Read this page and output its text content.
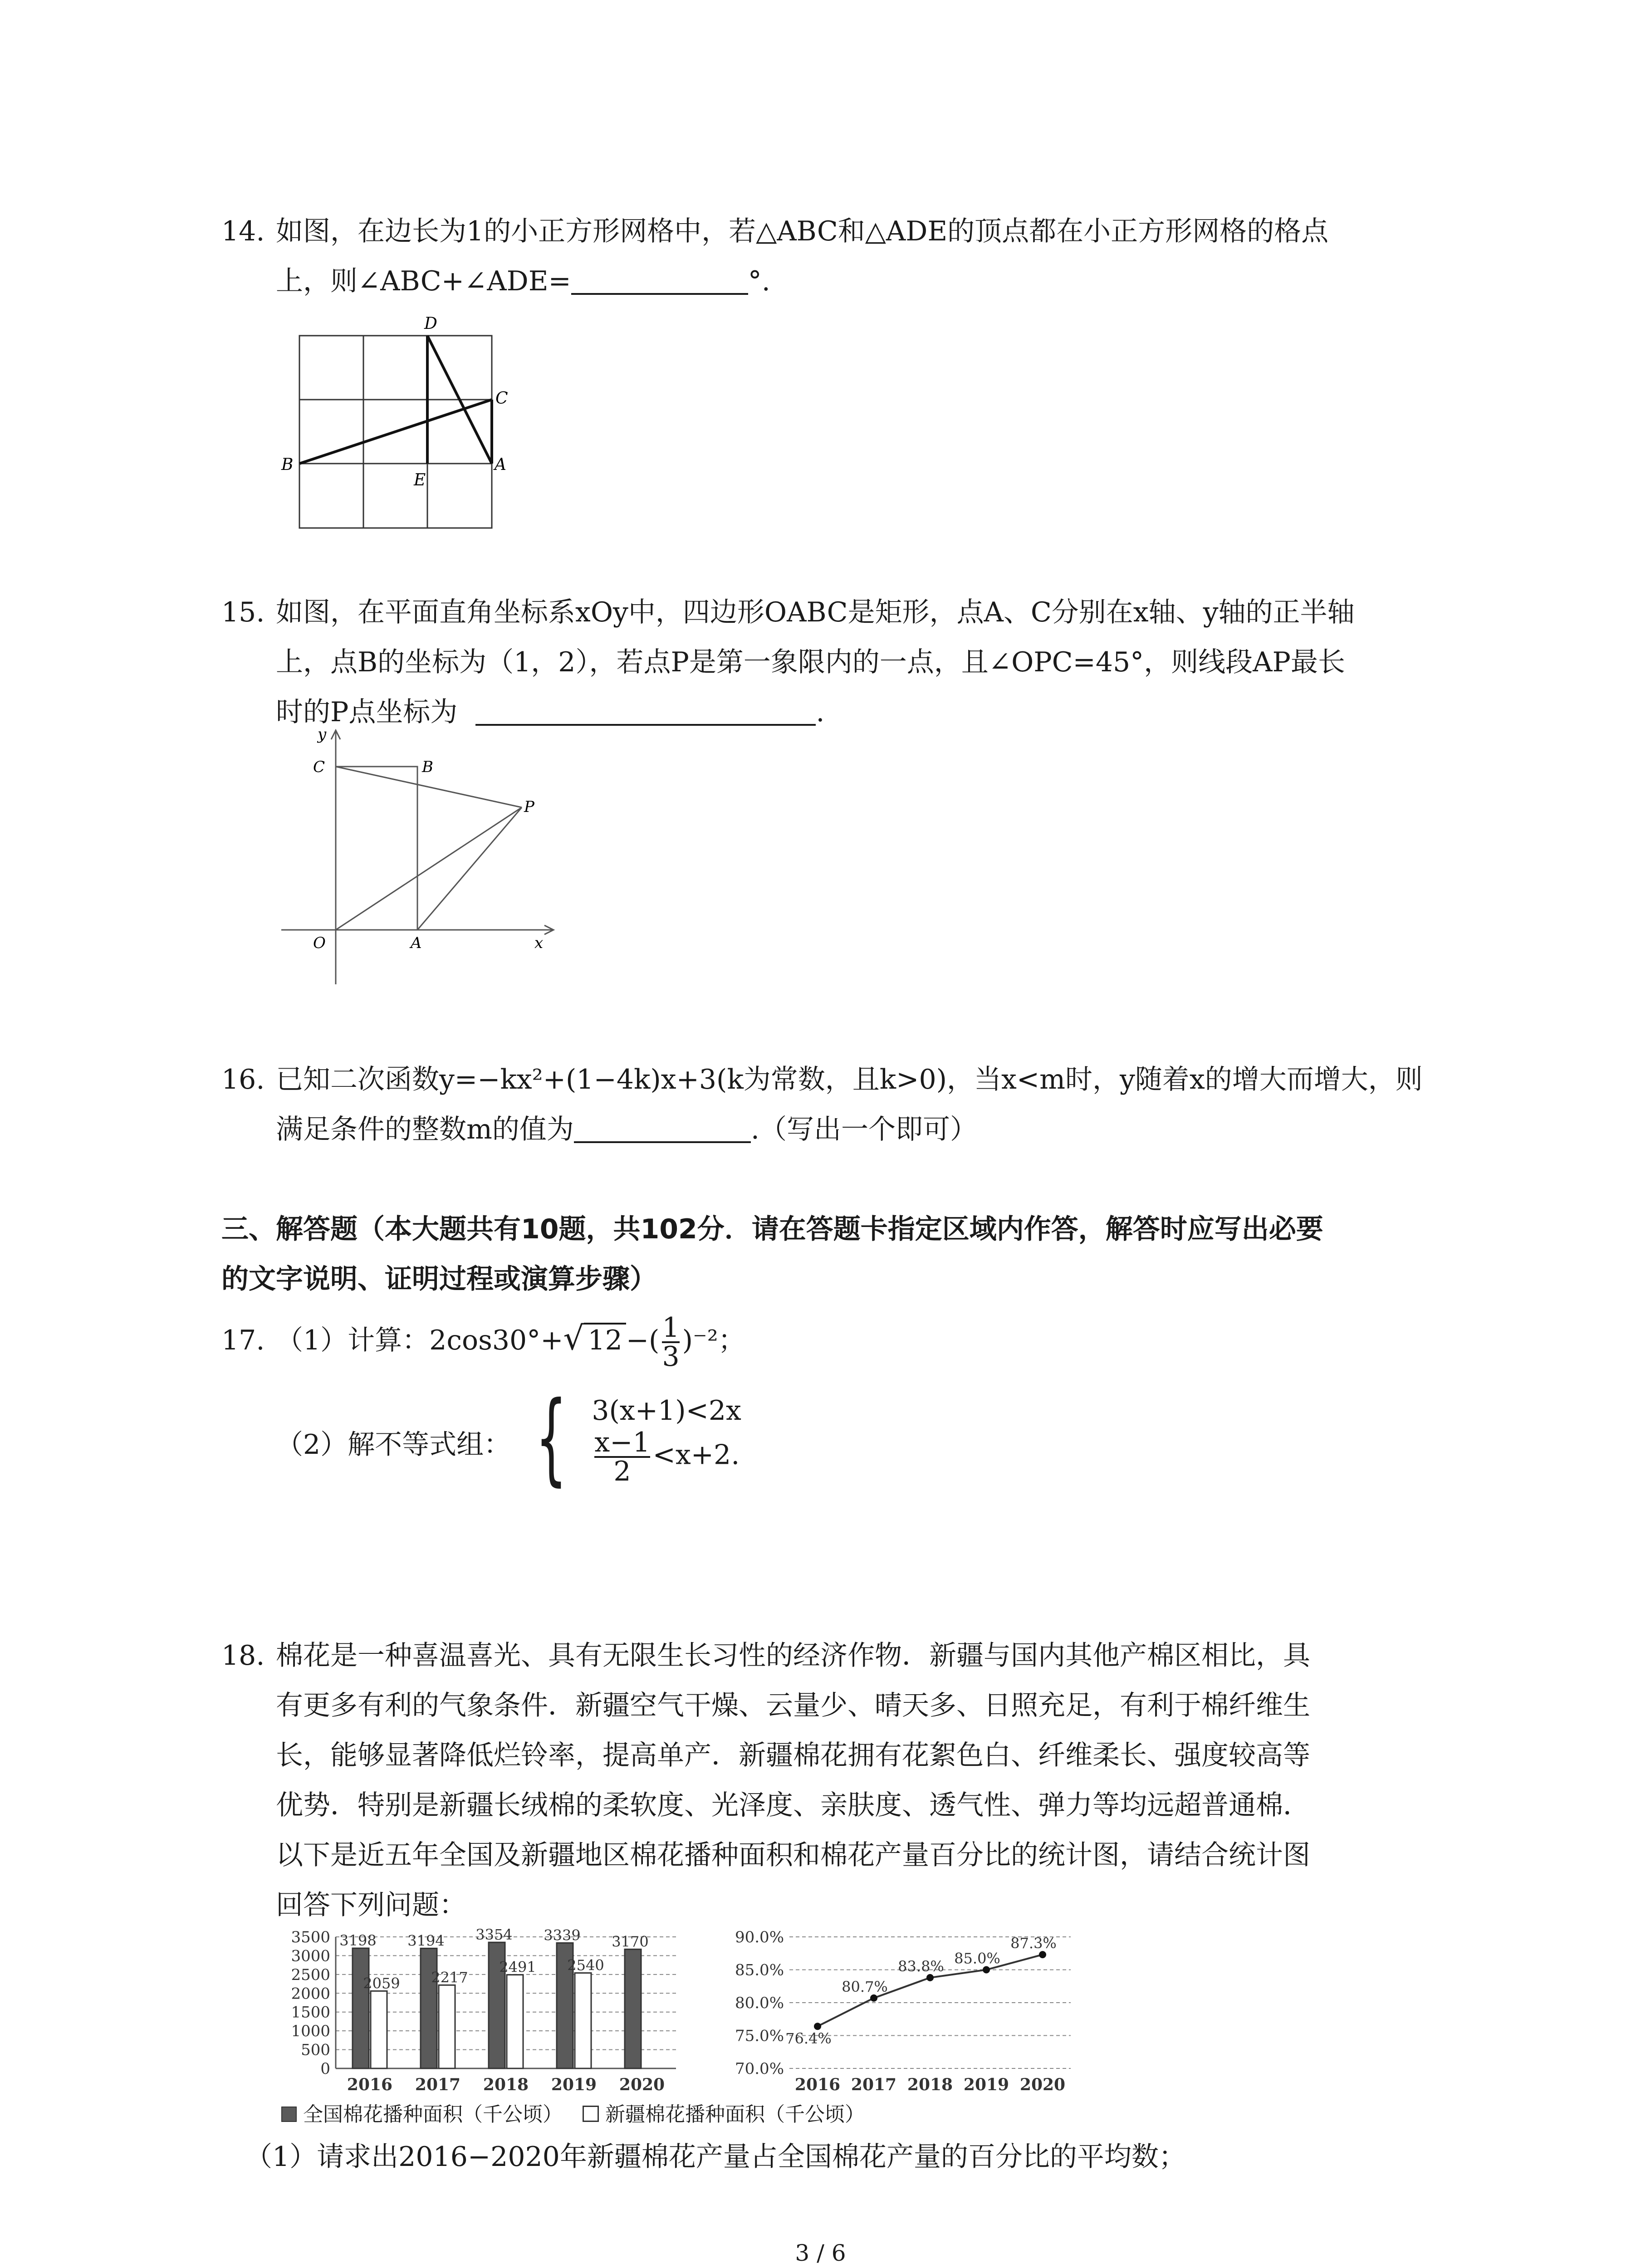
14. 如图，在边长为1的小正方形网格中，若△ABC和△ADE的顶点都在小正方形网格的格点
上，则∠ABC+∠ADE=	°.
D
C
B	A
E
15. 如图，在平面直角坐标系xOy中，四边形OABC是矩形，点A、C分别在x轴、y轴的正半轴
上，点B的坐标为（1，2），若点P是第一象限内的一点，且∠OPC=45°，则线段AP最长
时的P点坐标为	.
y
C	B
P
O	A	x
16. 已知二次函数y=−kx²+(1−4k)x+3(k为常数，且k>0)，当x<m时，y随着x的增大而增大，则
满足条件的整数m的值为	.（写出一个即可）
三、解答题（本大题共有10题，共102分．请在答题卡指定区域内作答，解答时应写出必要
的文字说明、证明过程或演算步骤）
17. （1）计算：2cos30°+√ 12 −( $\frac{1}{3} )^{-2}$；
（2）解不等式组： { 3(x+1)<2x
$\frac{x-1}{2} <x+2$.
18. 棉花是一种喜温喜光、具有无限生长习性的经济作物．新疆与国内其他产棉区相比，具
有更多有利的气象条件．新疆空气干燥、云量少、晴天多、日照充足，有利于棉纤维生
长，能够显著降低烂铃率，提高单产．新疆棉花拥有花絮色白、纤维柔长、强度较高等
优势．特别是新疆长绒棉的柔软度、光泽度、亲肤度、透气性、弹力等均远超普通棉．
以下是近五年全国及新疆地区棉花播种面积和棉花产量百分比的统计图，请结合统计图
回答下列问题：
3500
3000
2500
2000
1500
1000
500
0
2016
3198
2059
2017
3194
2217
2018
3354
2491
2019
3339
2540
2020
3170	90.0%
85.0%
80.0%
75.0%
70.0%
76.4%
2016
80.7%
2017
83.8%
2018
85.0%
2019
87.3%
2020
全国棉花播种面积（千公顷） 新疆棉花播种面积（千公顷）
（1）请求出2016−2020年新疆棉花产量占全国棉花产量的百分比的平均数；
3 / 6
